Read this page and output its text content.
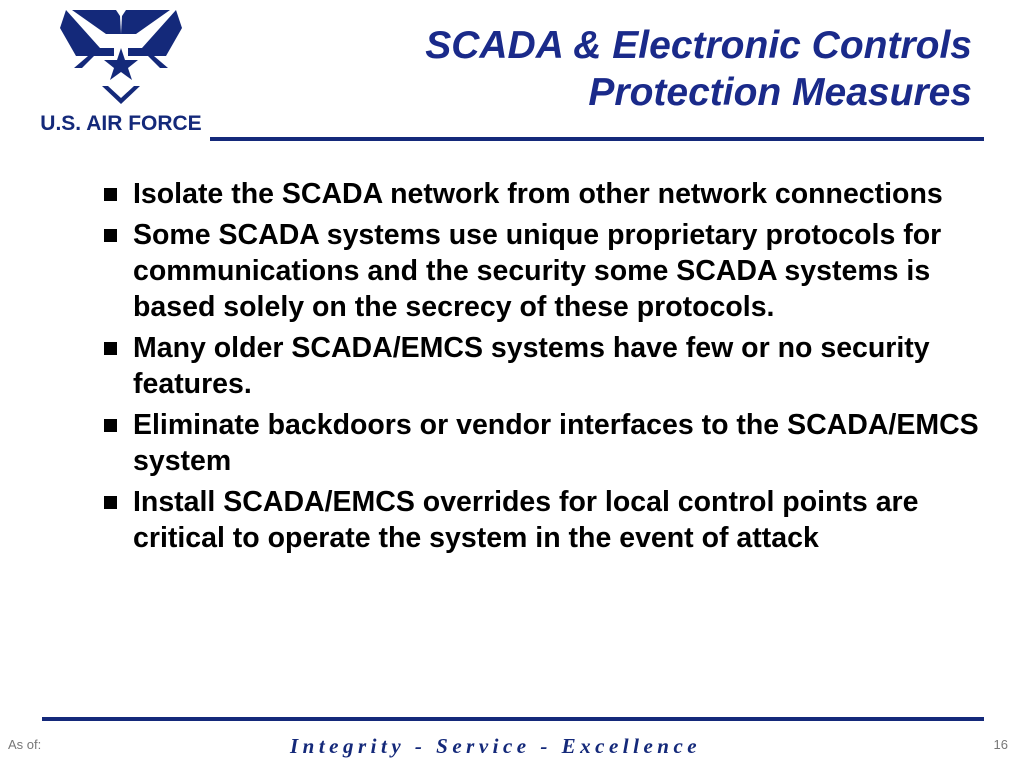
U.S. AIR FORCE
SCADA & Electronic Controls
Protection Measures
Isolate the SCADA network from other network connections
Some SCADA systems use unique proprietary protocols for communications and the security some SCADA systems is based solely on the secrecy of these protocols.
Many older SCADA/EMCS systems have few or no security features.
Eliminate backdoors or vendor interfaces to the SCADA/EMCS system
Install SCADA/EMCS overrides for local control points are critical to operate the system in the event of attack
As of:	Integrity - Service - Excellence	16
